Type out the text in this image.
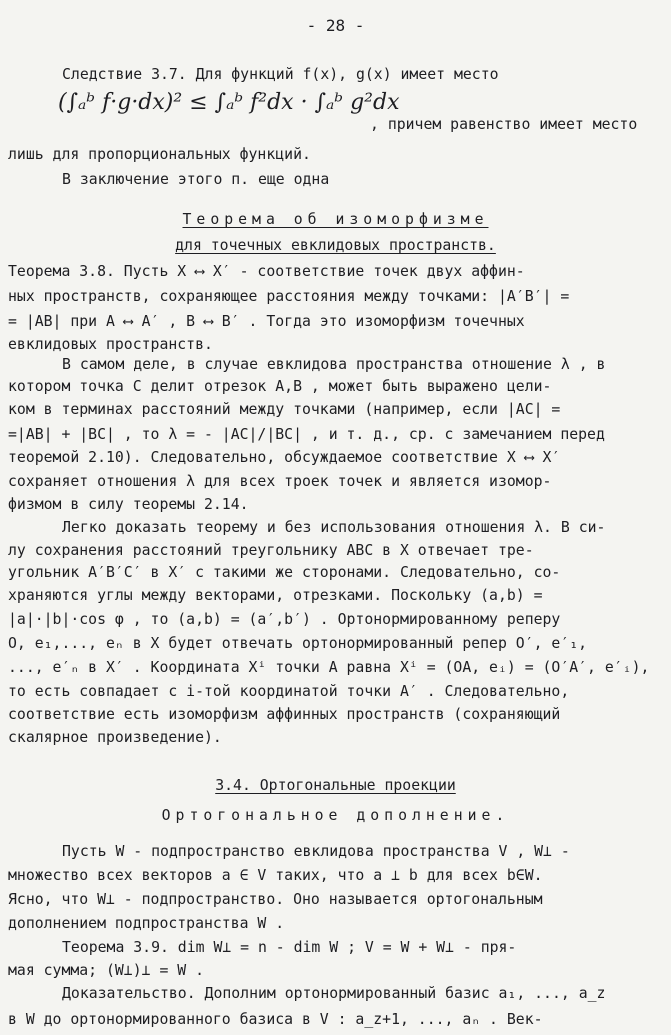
- 28 -
(∫ₐᵇ f·g·dx)² ≤ ∫ₐᵇ f²dx · ∫ₐᵇ g²dx
Следствие 3.7. Для функций f(x), g(x) имеет место
, причем равенство имеет место
лишь для пропорциональных функций.
В заключение этого п. еще одна
Теорема об изоморфизме
для точечных евклидовых пространств.
Теорема 3.8. Пусть X ⟷ X′ - соответствие точек двух аффин-
ных пространств, сохраняющее расстояния между точками: |A′B′| =
= |AB| при A ⟷ A′ , B ⟷ B′ . Тогда это изоморфизм точечных
евклидовых пространств.
В самом деле, в случае евклидова пространства отношение λ , в
котором точка C делит отрезок A,B , может быть выражено цели-
ком в терминах расстояний между точками (например, если |AC| =
=|AB| + |BC| , то λ = - |AC|/|BC| , и т. д., ср. с замечанием перед
теоремой 2.10). Следовательно, обсуждаемое соответствие X ⟷ X′
сохраняет отношения λ для всех троек точек и является изомор-
физмом в силу теоремы 2.14.
Легко доказать теорему и без использования отношения λ. В си-
лу сохранения расстояний треугольнику ABC в X отвечает тре-
угольник A′B′C′ в X′ с такими же сторонами. Следовательно, со-
храняются углы между векторами, отрезками. Поскольку (a,b) =
|a|·|b|·cos φ , то (a,b) = (a′,b′) . Ортонормированному реперу
O, e₁,..., eₙ в X будет отвечать ортонормированный репер O′, e′₁,
..., e′ₙ в X′ . Координата Xⁱ точки A равна Xⁱ = (OA, eᵢ) = (O′A′, e′ᵢ),
то есть совпадает с i-той координатой точки A′ . Следовательно,
соответствие есть изоморфизм аффинных пространств (сохраняющий
скалярное произведение).
3.4. Ортогональные проекции
Ортогональное дополнение.
Пусть W - подпространство евклидова пространства V , W⊥ -
множество всех векторов a ∈ V таких, что a ⊥ b для всех b∈W.
Ясно, что W⊥ - подпространство. Оно называется ортогональным
дополнением подпространства W .
Теорема 3.9. dim W⊥ = n - dim W ; V = W + W⊥ - пря-
мая сумма; (W⊥)⊥ = W .
Доказательство. Дополним ортонормированный базис a₁, ..., a_z
в W до ортонормированного базиса в V : a_z+1, ..., aₙ . Век-
